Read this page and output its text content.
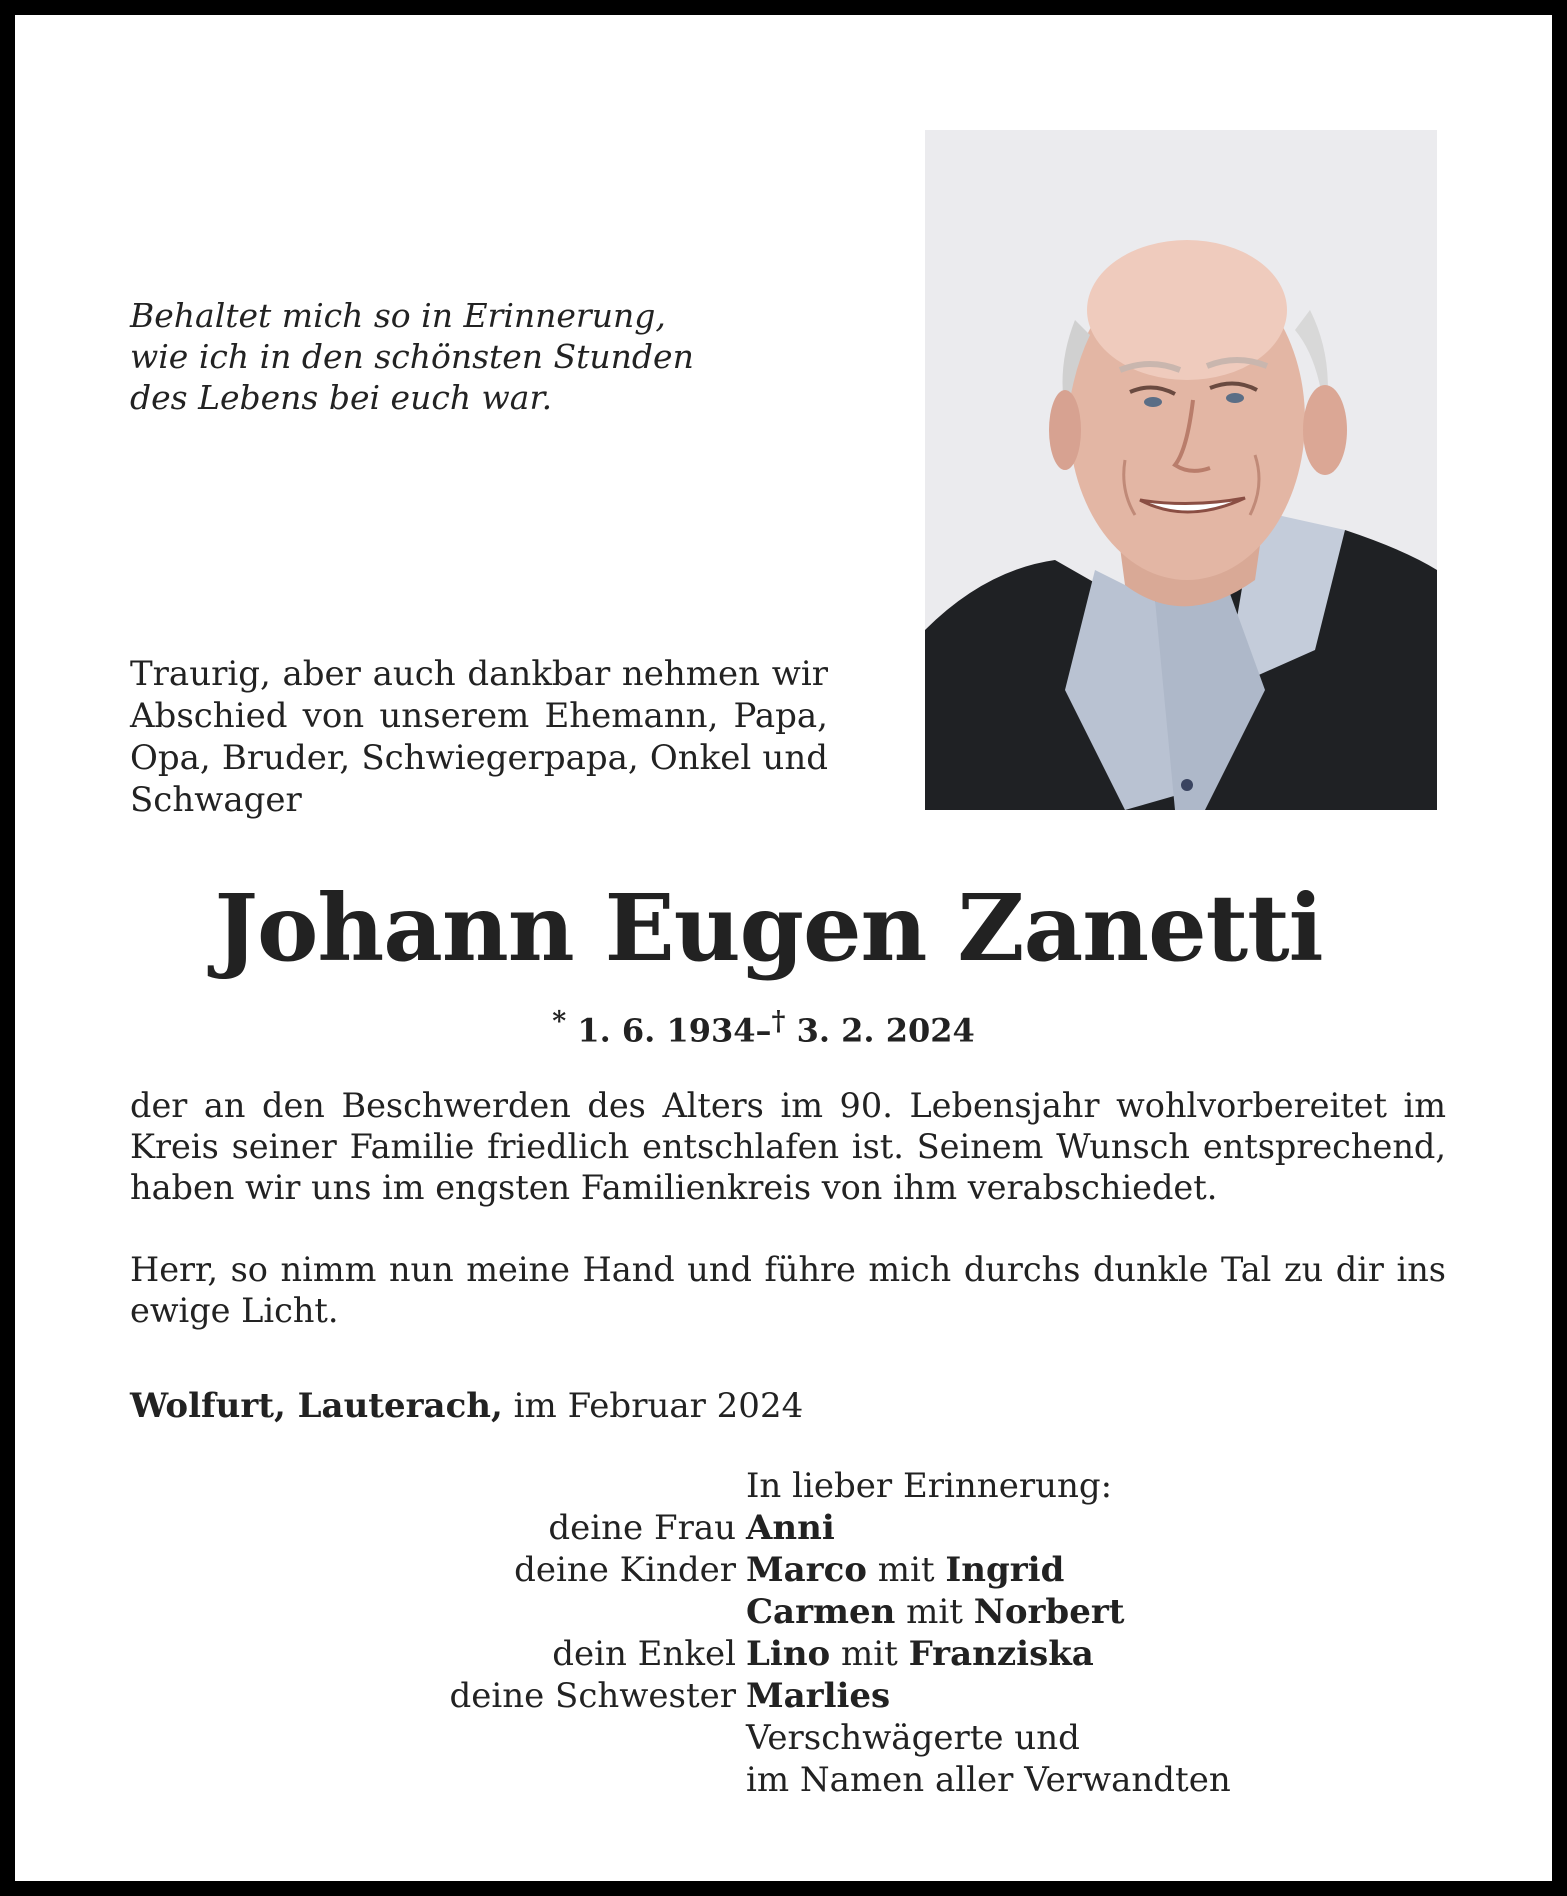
Behaltet mich so in Erinnerung,
wie ich in den schönsten Stunden
des Lebens bei euch war.

Traurig, aber auch dankbar nehmen wir Abschied von unserem Ehemann, Papa, Opa, Bruder, Schwiegerpapa, Onkel und Schwager

Johann Eugen Zanetti
* 1. 6. 1934–† 3. 2. 2024

der an den Beschwerden des Alters im 90. Lebensjahr wohlvorbereitet im Kreis seiner Familie friedlich entschlafen ist. Seinem Wunsch entsprechend, haben wir uns im engsten Familienkreis von ihm verabschiedet.

Herr, so nimm nun meine Hand und führe mich durchs dunkle Tal zu dir ins ewige Licht.

Wolfurt, Lauterach, im Februar 2024
In lieber Erinnerung:
deine Frau Anni
deine Kinder Marco mit Ingrid
Carmen mit Norbert
dein Enkel Lino mit Franziska
deine Schwester Marlies
Verschwägerte und
im Namen aller Verwandten
